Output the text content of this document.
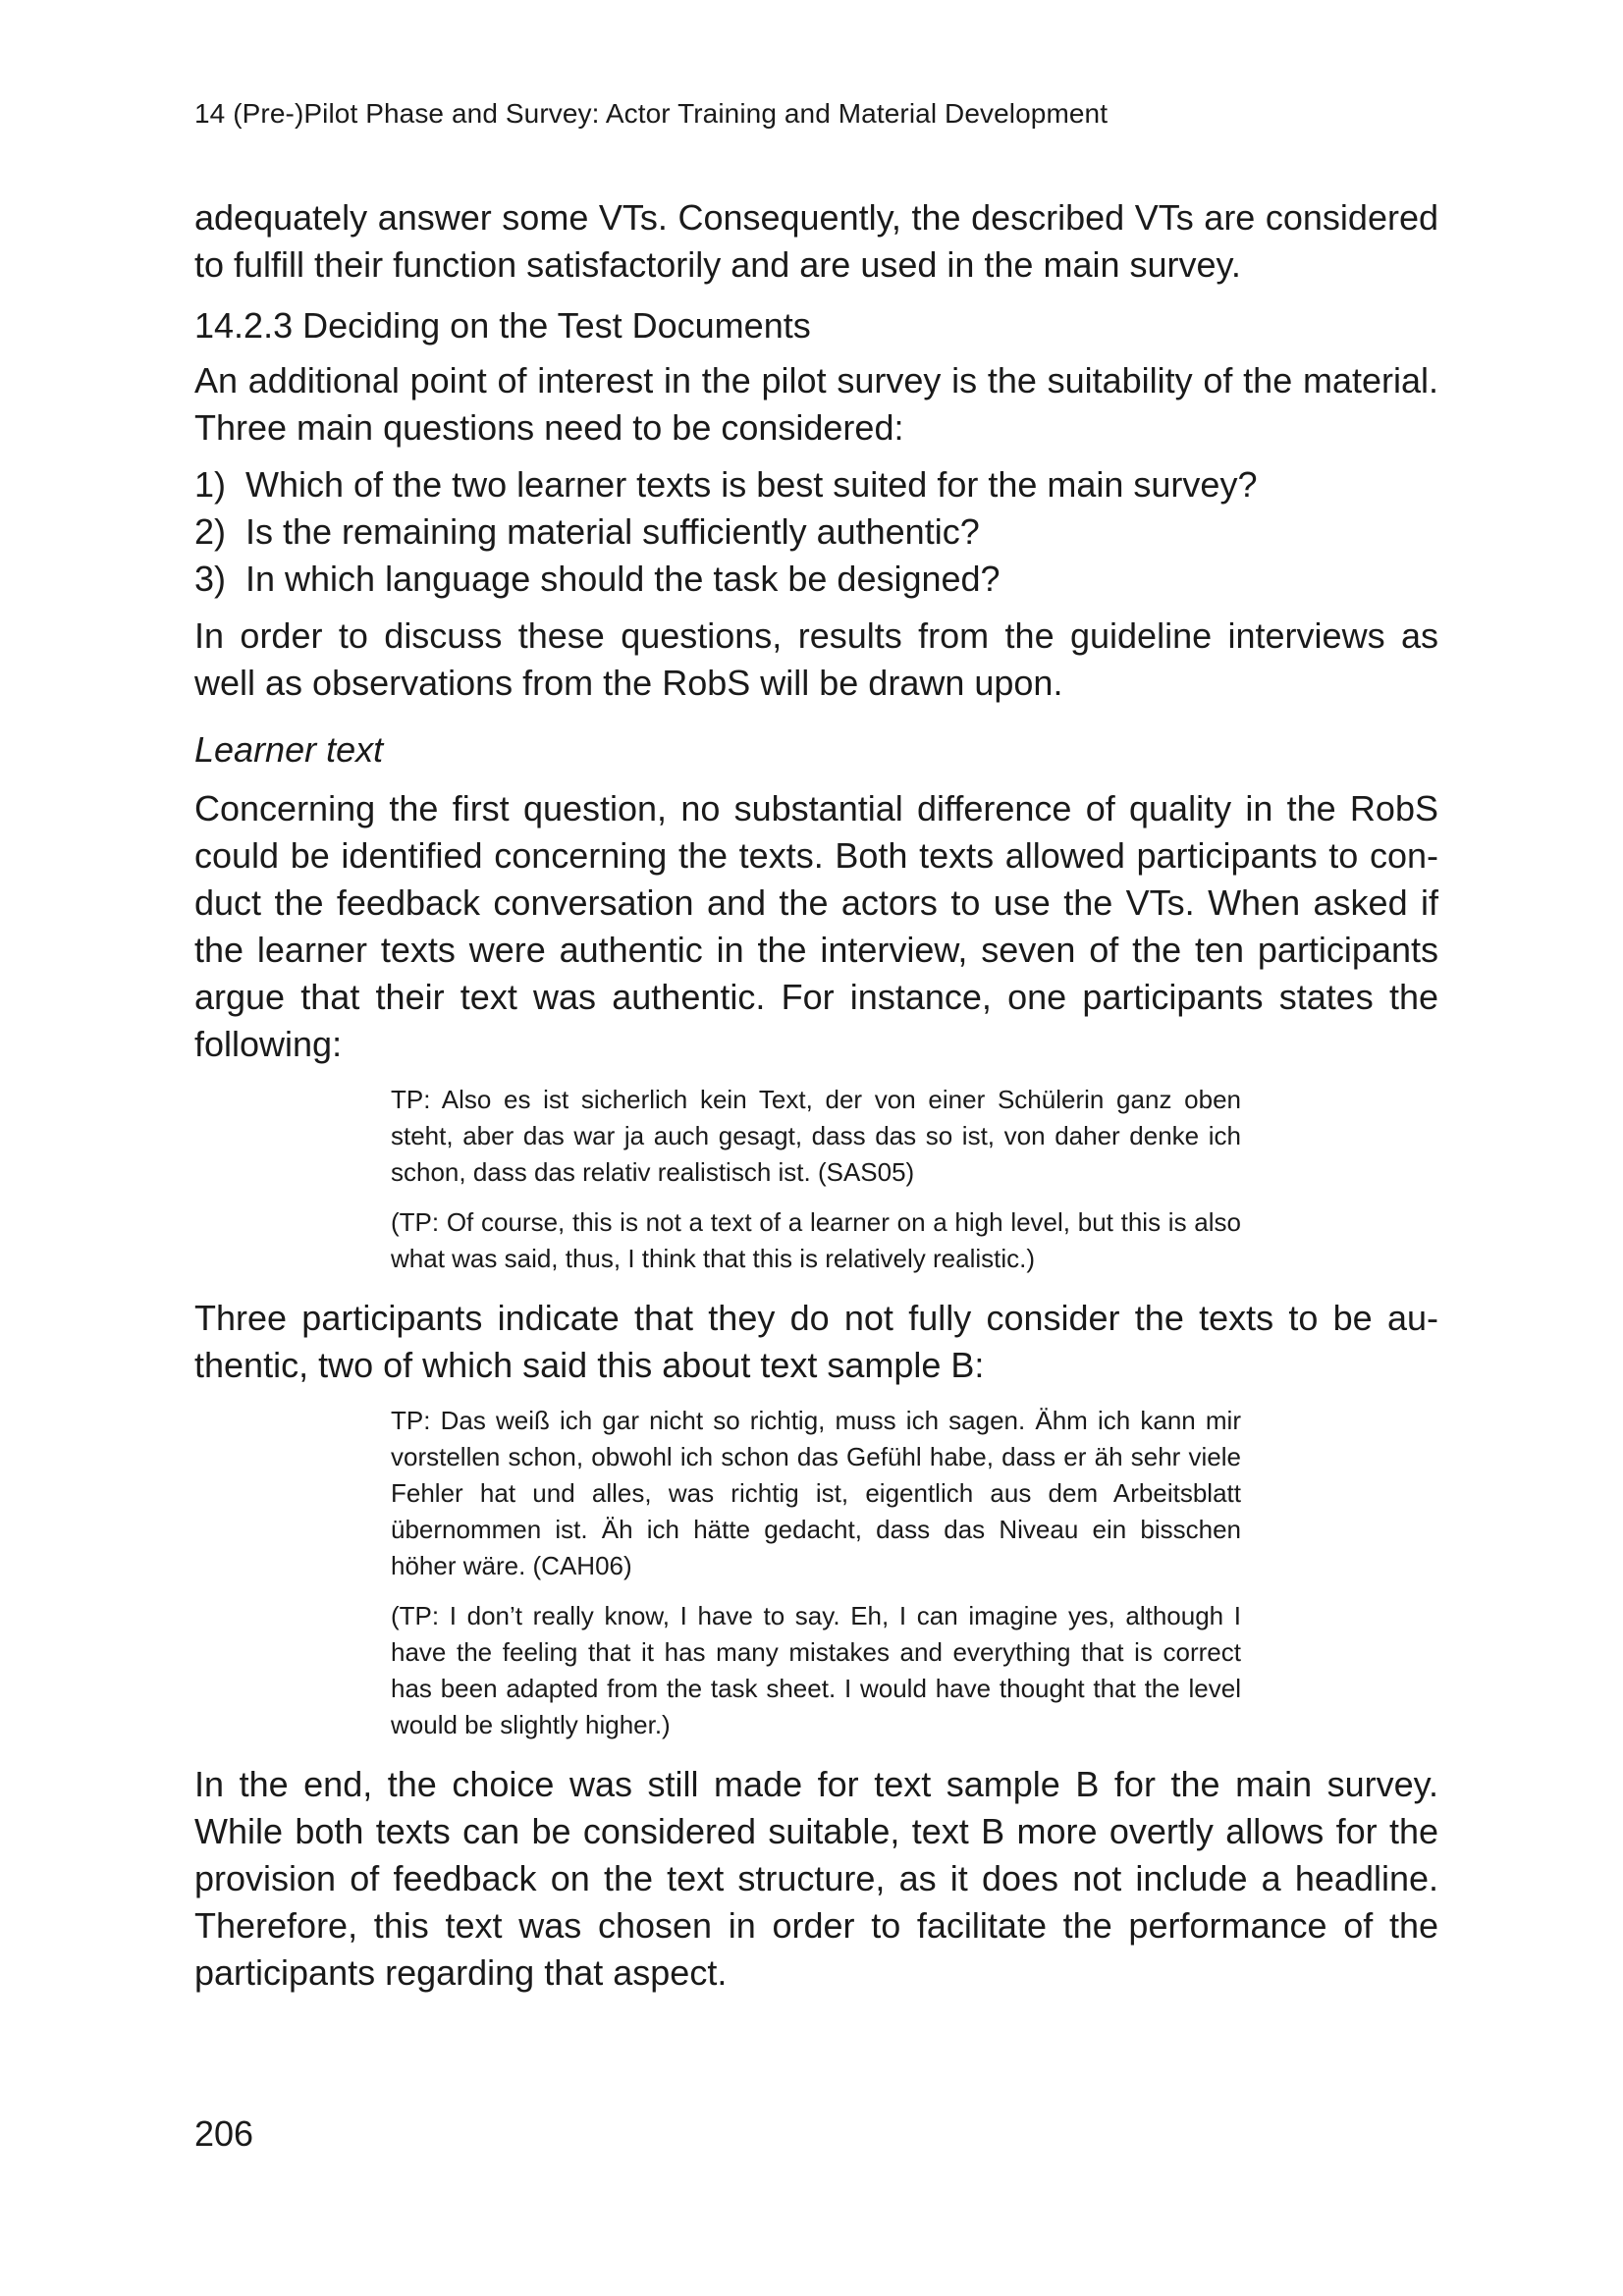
14 (Pre-)Pilot Phase and Survey: Actor Training and Material Development

adequately answer some VTs. Consequently, the described VTs are considered to fulfill their function satisfactorily and are used in the main survey.

14.2.3 Deciding on the Test Documents

An additional point of interest in the pilot survey is the suitability of the material. Three main questions need to be considered:

1) Which of the two learner texts is best suited for the main survey?
2) Is the remaining material sufficiently authentic?
3) In which language should the task be designed?

In order to discuss these questions, results from the guideline interviews as well as observations from the RobS will be drawn upon.

Learner text

Concerning the first question, no substantial difference of quality in the RobS could be identified concerning the texts. Both texts allowed participants to conduct the feedback conversation and the actors to use the VTs. When asked if the learner texts were authentic in the interview, seven of the ten participants argue that their text was authentic. For instance, one participants states the following:

TP: Also es ist sicherlich kein Text, der von einer Schülerin ganz oben steht, aber das war ja auch gesagt, dass das so ist, von daher denke ich schon, dass das relativ realistisch ist. (SAS05)

(TP: Of course, this is not a text of a learner on a high level, but this is also what was said, thus, I think that this is relatively realistic.)

Three participants indicate that they do not fully consider the texts to be authentic, two of which said this about text sample B:

TP: Das weiß ich gar nicht so richtig, muss ich sagen. Ähm ich kann mir vorstellen schon, obwohl ich schon das Gefühl habe, dass er äh sehr viele Fehler hat und alles, was richtig ist, eigentlich aus dem Arbeitsblatt übernommen ist. Äh ich hätte gedacht, dass das Niveau ein bisschen höher wäre. (CAH06)

(TP: I don’t really know, I have to say. Eh, I can imagine yes, although I have the feeling that it has many mistakes and everything that is correct has been adapted from the task sheet. I would have thought that the level would be slightly higher.)

In the end, the choice was still made for text sample B for the main survey. While both texts can be considered suitable, text B more overtly allows for the provision of feedback on the text structure, as it does not include a headline. Therefore, this text was chosen in order to facilitate the performance of the participants regarding that aspect.

206
